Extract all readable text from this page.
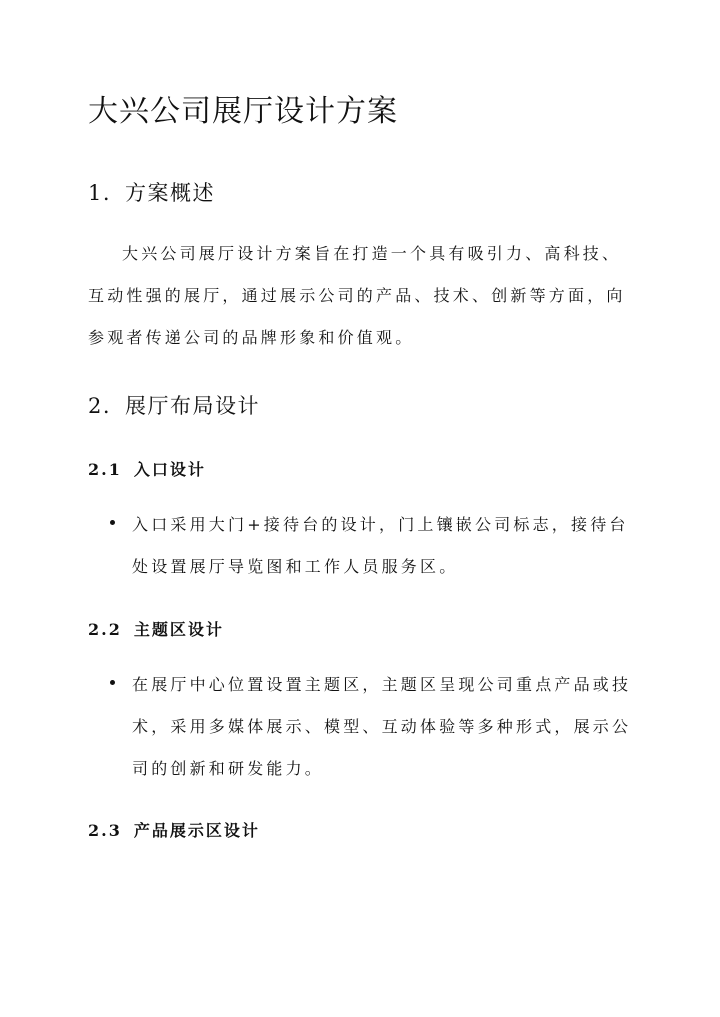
大兴公司展厅设计方案
1. 方案概述

大兴公司展厅设计方案旨在打造一个具有吸引力、高科技、互动性强的展厅，通过展示公司的产品、技术、创新等方面，向参观者传递公司的品牌形象和价值观。

2. 展厅布局设计
2.1 入口设计

入口采用大门+接待台的设计，门上镶嵌公司标志，接待台处设置展厅导览图和工作人员服务区。

2.2 主题区设计

在展厅中心位置设置主题区，主题区呈现公司重点产品或技术，采用多媒体展示、模型、互动体验等多种形式，展示公司的创新和研发能力。

2.3 产品展示区设计
